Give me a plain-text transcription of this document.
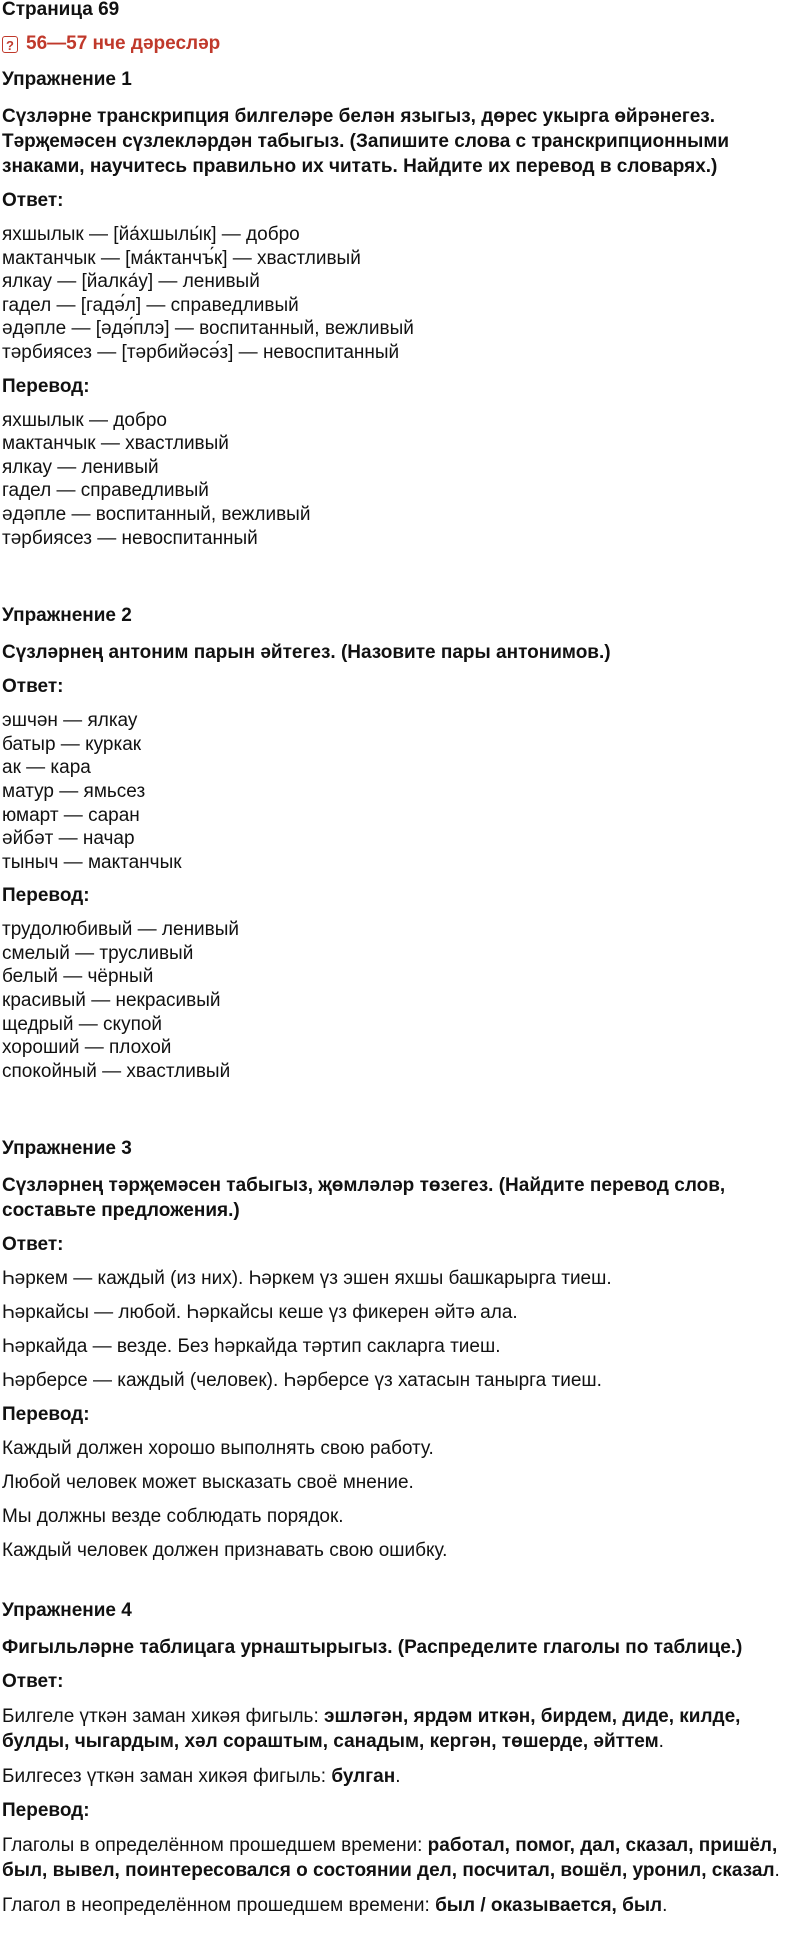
Страница 69
? 56—57 нче дәресләр
Упражнение 1
Сүзләрне транскрипция билгеләре белән языгыз, дөрес укырга өйрәнегез. Тәрҗемәсен сүзлекләрдән табыгыз. (Запишите слова с транскрипционными знаками, научитесь правильно их читать. Найдите их перевод в словарях.)
Ответ:
яхшылык — [йа́хшылы́к] — добро
мактанчык — [ма́ктанчъ́к] — хвастливый
ялкау — [йалка́у] — ленивый
гадел — [гадә́л] — справедливый
әдәпле — [әдә́плэ] — воспитанный, вежливый
тәрбиясез — [тәрбийәсә́з] — невоспитанный
Перевод:
яхшылык — добро
мактанчык — хвастливый
ялкау — ленивый
гадел — справедливый
әдәпле — воспитанный, вежливый
тәрбиясез — невоспитанный
Упражнение 2
Сүзләрнең антоним парын әйтегез. (Назовите пары антонимов.)
Ответ:
эшчән — ялкау
батыр — куркак
ак — кара
матур — ямьсез
юмарт — саран
әйбәт — начар
тыныч — мактанчык
Перевод:
трудолюбивый — ленивый
смелый — трусливый
белый — чёрный
красивый — некрасивый
щедрый — скупой
хороший — плохой
спокойный — хвастливый
Упражнение 3
Сүзләрнең тәрҗемәсен табыгыз, җөмләләр төзегез. (Найдите перевод слов, составьте предложения.)
Ответ:
Һәркем — каждый (из них). Һәркем үз эшен яхшы башкарырга тиеш.
Һәркайсы — любой. Һәркайсы кеше үз фикерен әйтә ала.
Һәркайда — везде. Без һәркайда тәртип сакларга тиеш.
Һәрберсе — каждый (человек). Һәрберсе үз хатасын танырга тиеш.
Перевод:
Каждый должен хорошо выполнять свою работу.
Любой человек может высказать своё мнение.
Мы должны везде соблюдать порядок.
Каждый человек должен признавать свою ошибку.
Упражнение 4
Фигыльләрне таблицага урнаштырыгыз. (Распределите глаголы по таблице.)
Ответ:

Билгеле үткән заман хикәя фигыль: эшләгән, ярдәм иткән, бирдем, диде, килде, булды, чыгардым, хәл сораштым, санадым, кергән, төшерде, әйттем.

Билгесез үткән заман хикәя фигыль: булган.

Перевод:

Глаголы в определённом прошедшем времени: работал, помог, дал, сказал, пришёл, был, вывел, поинтересовался о состоянии дел, посчитал, вошёл, уронил, сказал.

Глагол в неопределённом прошедшем времени: был / оказывается, был.
